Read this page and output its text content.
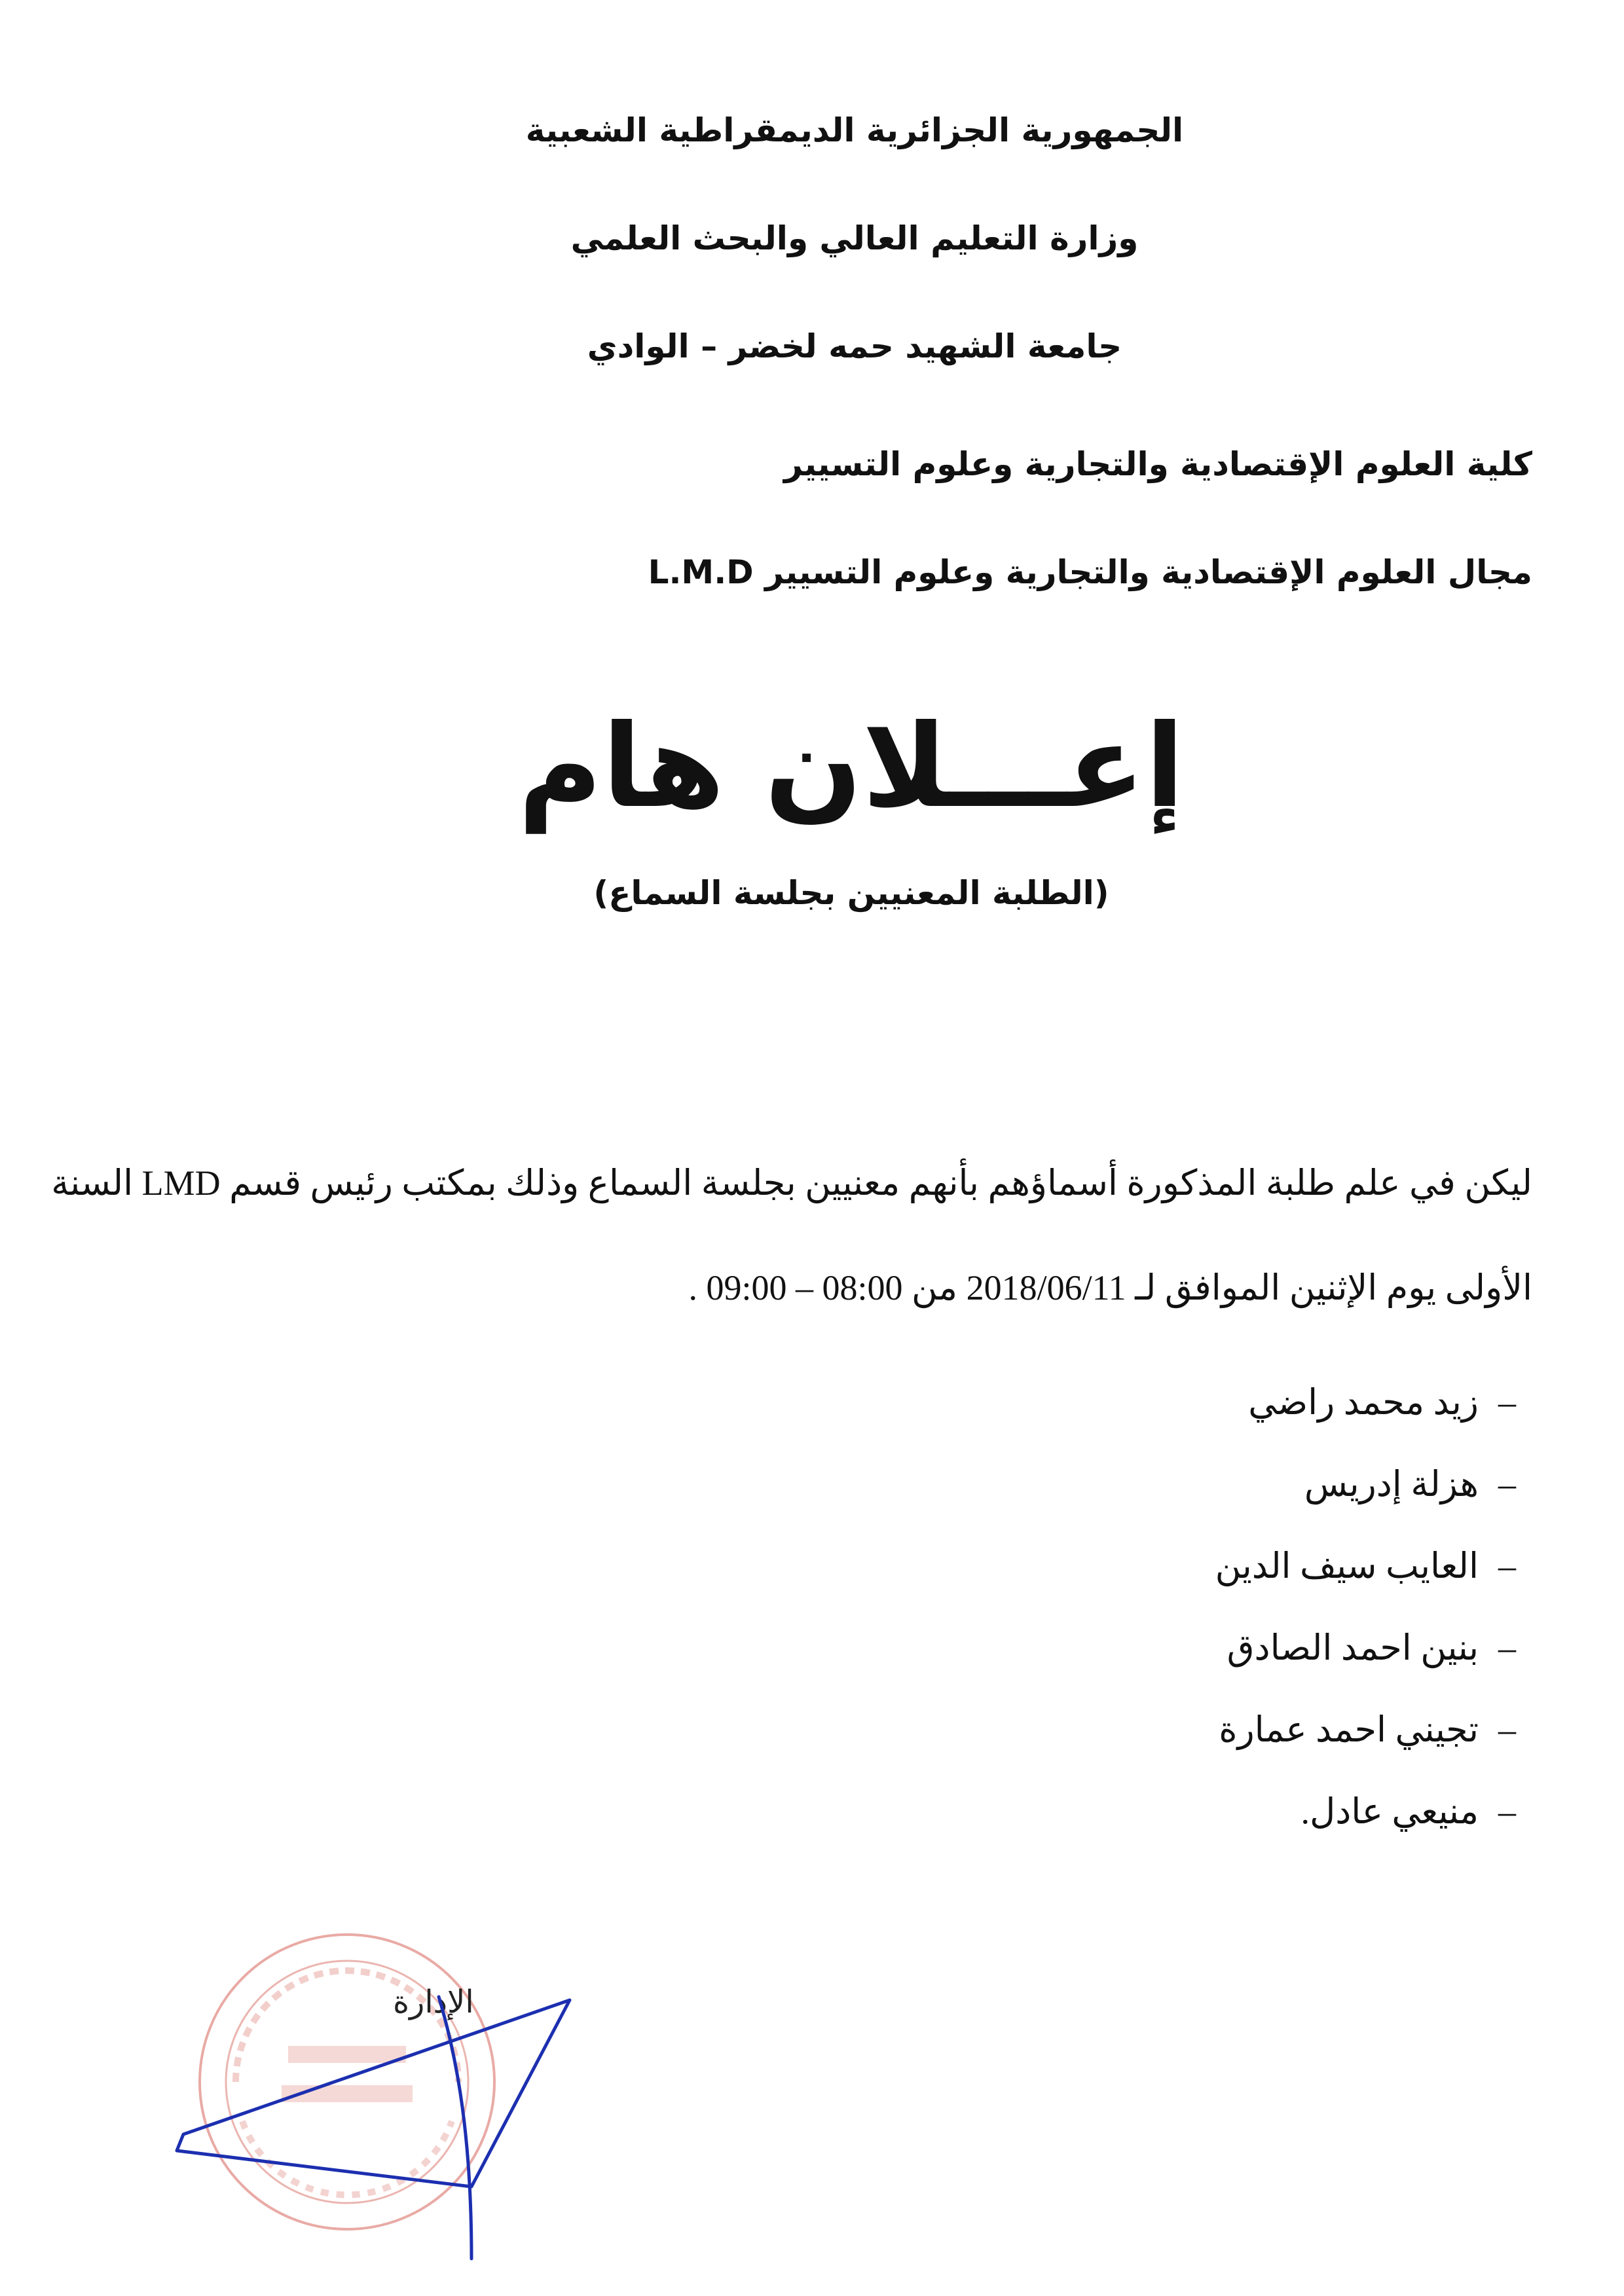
الجمهورية الجزائرية الديمقراطية الشعبية
وزارة التعليم العالي والبحث العلمي
جامعة الشهيد حمه لخضر – الوادي
كلية العلوم الإقتصادية والتجارية وعلوم التسيير
مجال العلوم الإقتصادية والتجارية وعلوم التسيير L.M.D
إعـــلان هام
(الطلبة المعنيين بجلسة السماع)
ليكن في علم طلبة المذكورة أسماؤهم بأنهم معنيين بجلسة السماع وذلك بمكتب رئيس قسم LMD السنة
الأولى يوم الإثنين الموافق لـ 2018/06/11 من 08:00 – 09:00 .
–زيد محمد راضي
–هزلة إدريس
–العايب سيف الدين
–بنين احمد الصادق
–تجيني احمد عمارة
–منيعي عادل.
الإدارة
